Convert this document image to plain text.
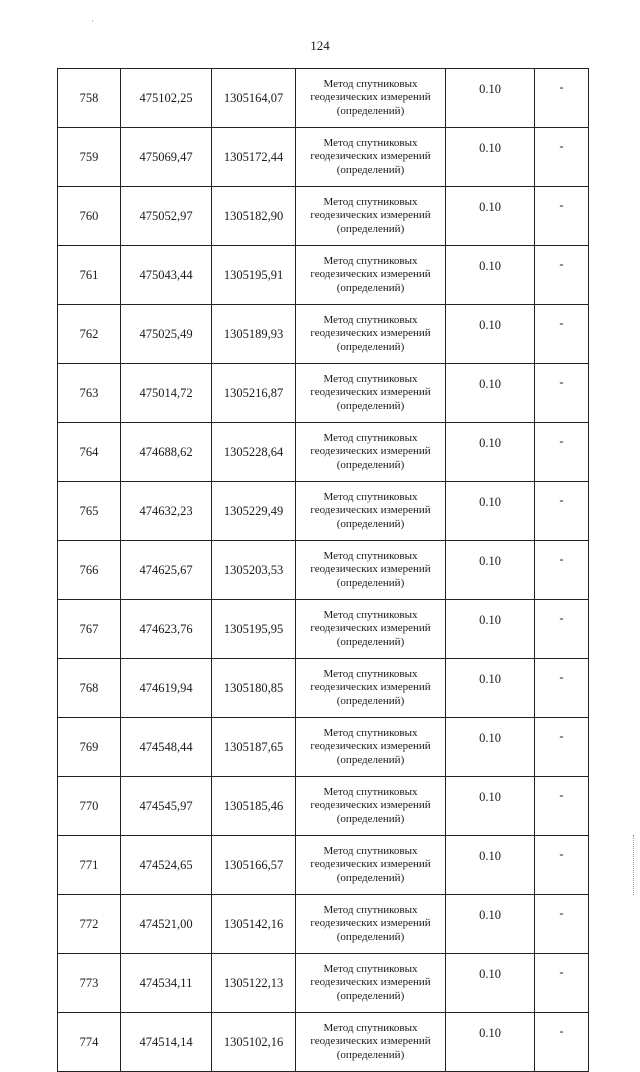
124
758	475102,25	1305164,07	Метод спутниковых
геодезических измерений
(определений)	0.10	-
759	475069,47	1305172,44	Метод спутниковых
геодезических измерений
(определений)	0.10	-
760	475052,97	1305182,90	Метод спутниковых
геодезических измерений
(определений)	0.10	-
761	475043,44	1305195,91	Метод спутниковых
геодезических измерений
(определений)	0.10	-
762	475025,49	1305189,93	Метод спутниковых
геодезических измерений
(определений)	0.10	-
763	475014,72	1305216,87	Метод спутниковых
геодезических измерений
(определений)	0.10	-
764	474688,62	1305228,64	Метод спутниковых
геодезических измерений
(определений)	0.10	-
765	474632,23	1305229,49	Метод спутниковых
геодезических измерений
(определений)	0.10	-
766	474625,67	1305203,53	Метод спутниковых
геодезических измерений
(определений)	0.10	-
767	474623,76	1305195,95	Метод спутниковых
геодезических измерений
(определений)	0.10	-
768	474619,94	1305180,85	Метод спутниковых
геодезических измерений
(определений)	0.10	-
769	474548,44	1305187,65	Метод спутниковых
геодезических измерений
(определений)	0.10	-
770	474545,97	1305185,46	Метод спутниковых
геодезических измерений
(определений)	0.10	-
771	474524,65	1305166,57	Метод спутниковых
геодезических измерений
(определений)	0.10	-
772	474521,00	1305142,16	Метод спутниковых
геодезических измерений
(определений)	0.10	-
773	474534,11	1305122,13	Метод спутниковых
геодезических измерений
(определений)	0.10	-
774	474514,14	1305102,16	Метод спутниковых
геодезических измерений
(определений)	0.10	-
